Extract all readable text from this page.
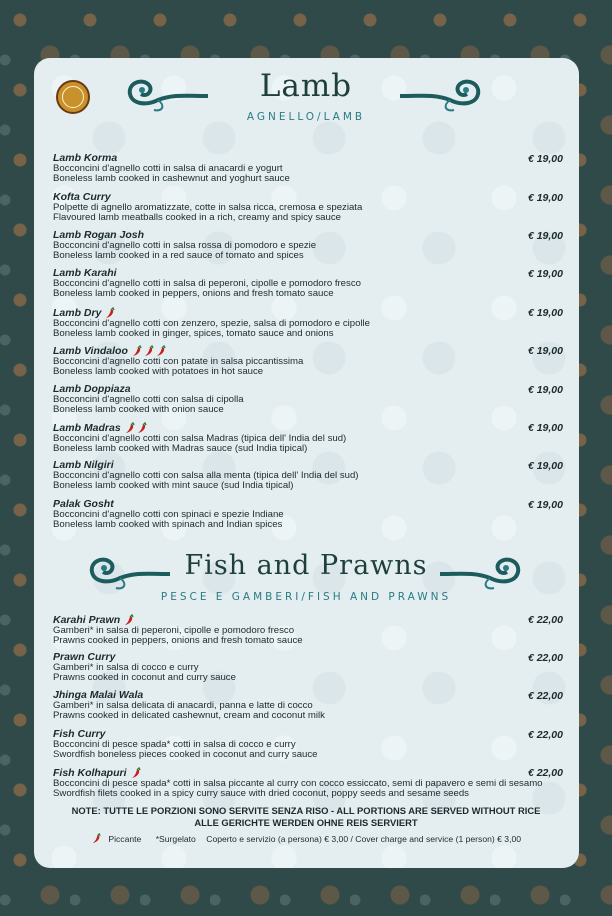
Lamb
AGNELLO/LAMB
Lamb Korma
Bocconcini d'agnello cotti in salsa di anacardi e yogurt
Boneless lamb cooked in cashewnut and yoghurt sauce
€ 19,00
Kofta Curry
Polpette di agnello aromatizzate, cotte in salsa ricca, cremosa e speziata
Flavoured lamb meatballs cooked in a rich, creamy and spicy sauce
€ 19,00
Lamb Rogan Josh
Bocconcini d'agnello cotti in salsa rossa di pomodoro e spezie
Boneless lamb cooked in a red sauce of tomato and spices
€ 19,00
Lamb Karahi
Bocconcini d'agnello cotti in salsa di peperoni, cipolle e pomodoro fresco
Boneless lamb cooked in peppers, onions and fresh tomato sauce
€ 19,00
Lamb Dry
Bocconcini d'agnello cotti con zenzero, spezie, salsa di pomodoro e cipolle
Boneless lamb cooked in ginger, spices, tomato sauce and onions
€ 19,00
Lamb Vindaloo
Bocconcini d'agnello cotti con patate in salsa piccantissima
Boneless lamb cooked with potatoes in hot sauce
€ 19,00
Lamb Doppiaza
Bocconcini d'agnello cotti con salsa di cipolla
Boneless lamb cooked with onion sauce
€ 19,00
Lamb Madras
Bocconcini d'agnello cotti con salsa Madras (tipica dell' India del sud)
Boneless lamb cooked with Madras sauce (sud India tipical)
€ 19,00
Lamb Nilgiri
Bocconcini d'agnello cotti con salsa alla menta (tipica dell' India del sud)
Boneless lamb cooked with mint sauce (sud India tipical)
€ 19,00
Palak Gosht
Bocconcini d'agnello cotti con spinaci e spezie Indiane
Boneless lamb cooked with spinach and Indian spices
€ 19,00
Fish and Prawns
PESCE E GAMBERI/FISH AND PRAWNS
Karahi Prawn
Gamberi* in salsa di peperoni, cipolle e pomodoro fresco
Prawns cooked in peppers, onions and fresh tomato sauce
€ 22,00
Prawn Curry
Gamberi* in salsa di cocco e curry
Prawns cooked in coconut and curry sauce
€ 22,00
Jhinga Malai Wala
Gamberi* in salsa delicata di anacardi, panna e latte di cocco
Prawns cooked in delicated cashewnut, cream and coconut milk
€ 22,00
Fish Curry
Bocconcini di pesce spada* cotti in salsa di cocco e curry
Swordfish boneless pieces cooked in coconut and curry sauce
€ 22,00
Fish Kolhapuri
Bocconcini di pesce spada* cotti in salsa piccante al curry con cocco essiccato, semi di papavero e semi di sesamo
Swordfish filets cooked in a spicy curry sauce with dried coconut, poppy seeds and sesame seeds
€ 22,00
NOTE: TUTTE LE PORZIONI SONO SERVITE SENZA RISO - ALL PORTIONS ARE SERVED WITHOUT RICE
ALLE GERICHTE WERDEN OHNE REIS SERVIERT
Piccante *Surgelato Coperto e servizio (a persona) € 3,00 / Cover charge and service (1 person) € 3,00
